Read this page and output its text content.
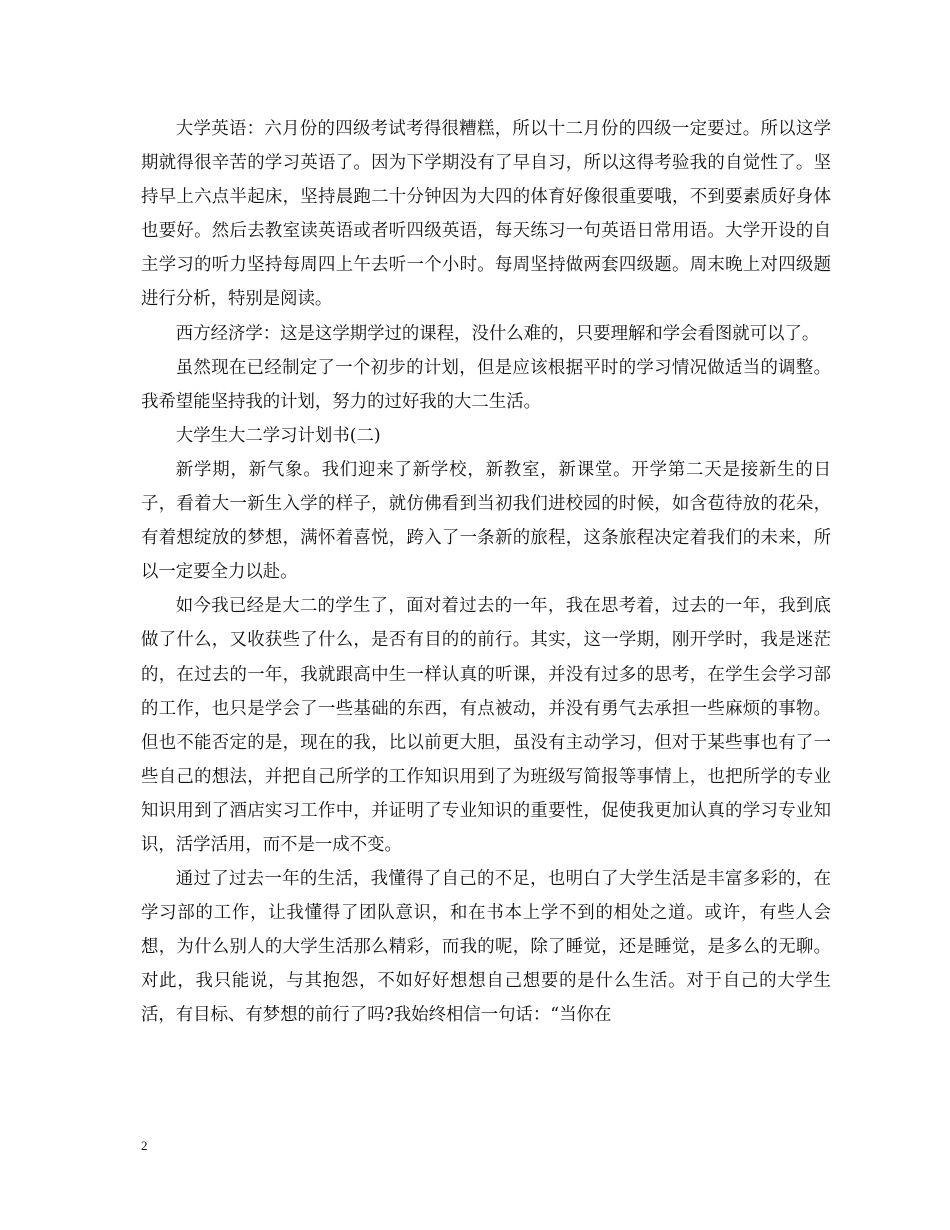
大学英语：六月份的四级考试考得很糟糕，所以十二月份的四级一定要过。所以这学期就得很辛苦的学习英语了。因为下学期没有了早自习，所以这得考验我的自觉性了。坚持早上六点半起床，坚持晨跑二十分钟因为大四的体育好像很重要哦，不到要素质好身体也要好。然后去教室读英语或者听四级英语，每天练习一句英语日常用语。大学开设的自主学习的听力坚持每周四上午去听一个小时。每周坚持做两套四级题。周末晚上对四级题进行分析，特别是阅读。

西方经济学：这是这学期学过的课程，没什么难的，只要理解和学会看图就可以了。

虽然现在已经制定了一个初步的计划，但是应该根据平时的学习情况做适当的调整。我希望能坚持我的计划，努力的过好我的大二生活。

大学生大二学习计划书(二)

新学期，新气象。我们迎来了新学校，新教室，新课堂。开学第二天是接新生的日子，看着大一新生入学的样子，就仿佛看到当初我们进校园的时候，如含苞待放的花朵，有着想绽放的梦想，满怀着喜悦，跨入了一条新的旅程，这条旅程决定着我们的未来，所以一定要全力以赴。

如今我已经是大二的学生了，面对着过去的一年，我在思考着，过去的一年，我到底做了什么，又收获些了什么，是否有目的的前行。其实，这一学期，刚开学时，我是迷茫的，在过去的一年，我就跟高中生一样认真的听课，并没有过多的思考，在学生会学习部的工作，也只是学会了一些基础的东西，有点被动，并没有勇气去承担一些麻烦的事物。但也不能否定的是，现在的我，比以前更大胆，虽没有主动学习，但对于某些事也有了一些自己的想法，并把自己所学的工作知识用到了为班级写简报等事情上，也把所学的专业知识用到了酒店实习工作中，并证明了专业知识的重要性，促使我更加认真的学习专业知识，活学活用，而不是一成不变。

通过了过去一年的生活，我懂得了自己的不足，也明白了大学生活是丰富多彩的，在学习部的工作，让我懂得了团队意识，和在书本上学不到的相处之道。或许，有些人会想，为什么别人的大学生活那么精彩，而我的呢，除了睡觉，还是睡觉，是多么的无聊。对此，我只能说，与其抱怨，不如好好想想自己想要的是什么生活。对于自己的大学生活，有目标、有梦想的前行了吗?我始终相信一句话：“当你在

2
